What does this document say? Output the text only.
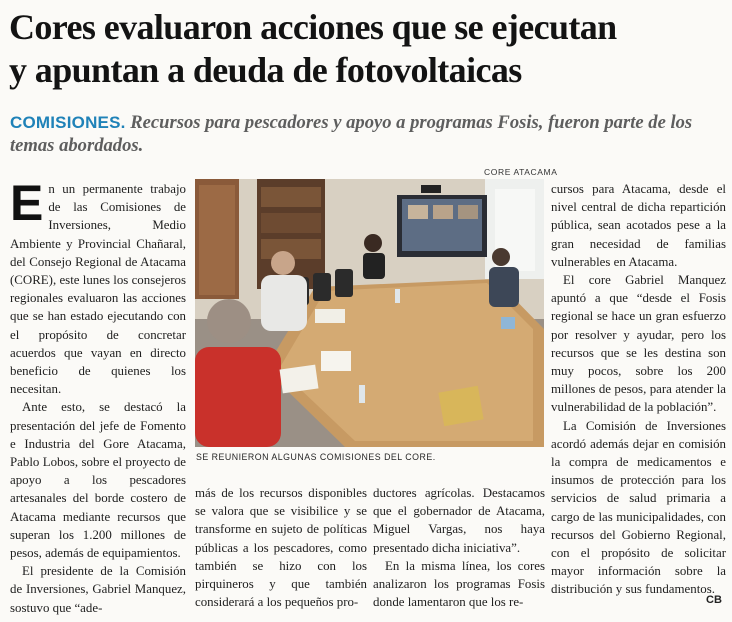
Cores evaluaron acciones que se ejecutan
y apuntan a deuda de fotovoltaicas
COMISIONES. Recursos para pescadores y apoyo a programas Fosis, fueron parte de los temas abordados.

En un permanente trabajo de las Comisiones de Inversiones, Medio Ambiente y Provincial Chañaral, del Consejo Regional de Atacama (CORE), este lunes los consejeros regionales evaluaron las acciones que se han estado ejecutando con el propósito de concretar acuerdos que vayan en directo beneficio de quienes los necesitan.

Ante esto, se destacó la presentación del jefe de Fomento e Industria del Gore Atacama, Pablo Lobos, sobre el proyecto de apoyo a los pescadores artesanales del borde costero de Atacama mediante recursos que superan los 1.200 millones de pesos, además de equipamientos.

El presidente de la Comisión de Inversiones, Gabriel Manquez, sostuvo que “ade-

CORE ATACAMA
SE REUNIERON ALGUNAS COMISIONES DEL CORE.

más de los recursos disponibles se valora que se visibilice y se transforme en sujeto de políticas públicas a los pescadores, como también se hizo con los pirquineros y que también considerará a los pequeños pro-

ductores agrícolas. Destacamos que el gobernador de Atacama, Miguel Vargas, nos haya presentado dicha iniciativa”.

En la misma línea, los cores analizaron los programas Fosis donde lamentaron que los re-

cursos para Atacama, desde el nivel central de dicha repartición pública, sean acotados pese a la gran necesidad de familias vulnerables en Atacama.

El core Gabriel Manquez apuntó a que “desde el Fosis regional se hace un gran esfuerzo por resolver y ayudar, pero los recursos que se les destina son muy pocos, sobre los 200 millones de pesos, para atender la vulnerabilidad de la población”.

La Comisión de Inversiones acordó además dejar en comisión la compra de medicamentos e insumos de protección para los servicios de salud primaria a cargo de las municipalidades, con recursos del Gobierno Regional, con el propósito de solicitar mayor información sobre la distribución y sus fundamentos.

CB
